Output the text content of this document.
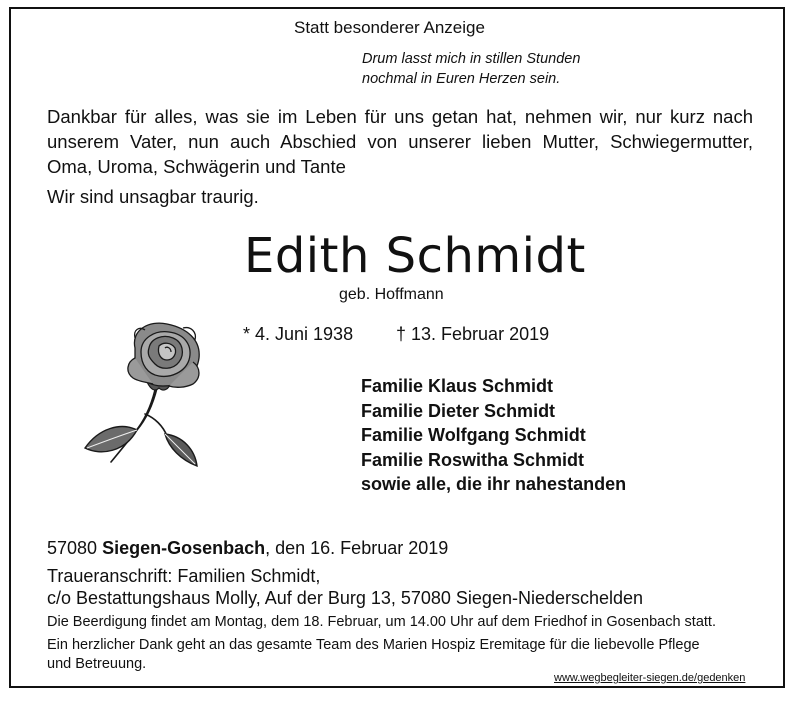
Statt besonderer Anzeige
Drum lasst mich in stillen Stunden
nochmal in Euren Herzen sein.
Dankbar für alles, was sie im Leben für uns getan hat, nehmen wir, nur kurz nach
unserem Vater, nun auch Abschied von unserer lieben Mutter, Schwiegermutter,
Oma, Uroma, Schwägerin und Tante
Wir sind unsagbar traurig.
Edith Schmidt
geb. Hoffmann
* 4. Juni 1938 † 13. Februar 2019
Familie Klaus Schmidt
Familie Dieter Schmidt
Familie Wolfgang Schmidt
Familie Roswitha Schmidt
sowie alle, die ihr nahestanden
57080 Siegen-Gosenbach, den 16. Februar 2019
Traueranschrift: Familien Schmidt,
c/o Bestattungshaus Molly, Auf der Burg 13, 57080 Siegen-Niederschelden
Die Beerdigung findet am Montag, dem 18. Februar, um 14.00 Uhr auf dem Friedhof in Gosenbach statt.
Ein herzlicher Dank geht an das gesamte Team des Marien Hospiz Eremitage für die liebevolle Pflege
und Betreuung.
www.wegbegleiter-siegen.de/gedenken
